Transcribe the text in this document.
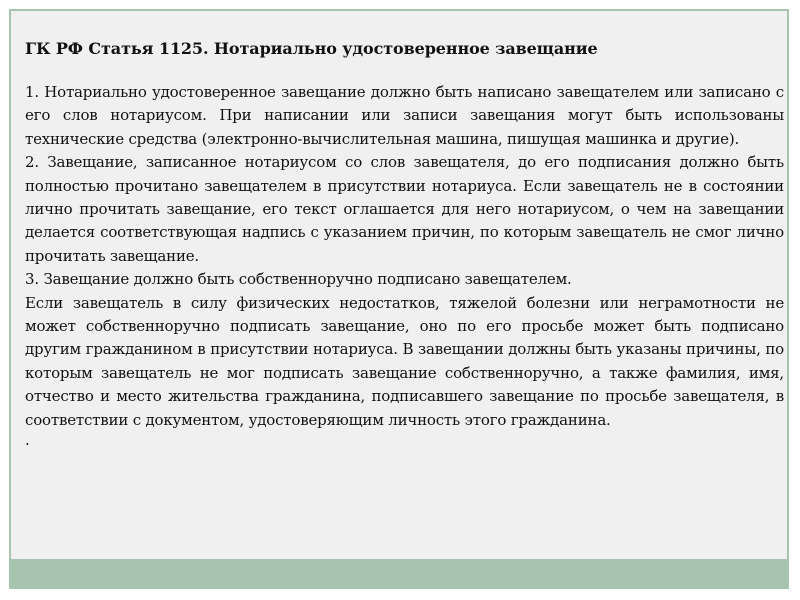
ГК РФ Статья 1125. Нотариально удостоверенное завещание

1. Нотариально удостоверенное завещание должно быть написано завещателем или записано с его слов нотариусом. При написании или записи завещания могут быть использованы технические средства (электронно-вычислительная машина, пишущая машинка и другие).

2. Завещание, записанное нотариусом со слов завещателя, до его подписания должно быть полностью прочитано завещателем в присутствии нотариуса. Если завещатель не в состоянии лично прочитать завещание, его текст оглашается для него нотариусом, о чем на завещании делается соответствующая надпись с указанием причин, по которым завещатель не смог лично прочитать завещание.

3. Завещание должно быть собственноручно подписано завещателем.

Если завещатель в силу физических недостатков, тяжелой болезни или неграмотности не может собственноручно подписать завещание, оно по его просьбе может быть подписано другим гражданином в присутствии нотариуса. В завещании должны быть указаны причины, по которым завещатель не мог подписать завещание собственноручно, а также фамилия, имя, отчество и место жительства гражданина, подписавшего завещание по просьбе завещателя, в соответствии с документом, удостоверяющим личность этого гражданина.

.
